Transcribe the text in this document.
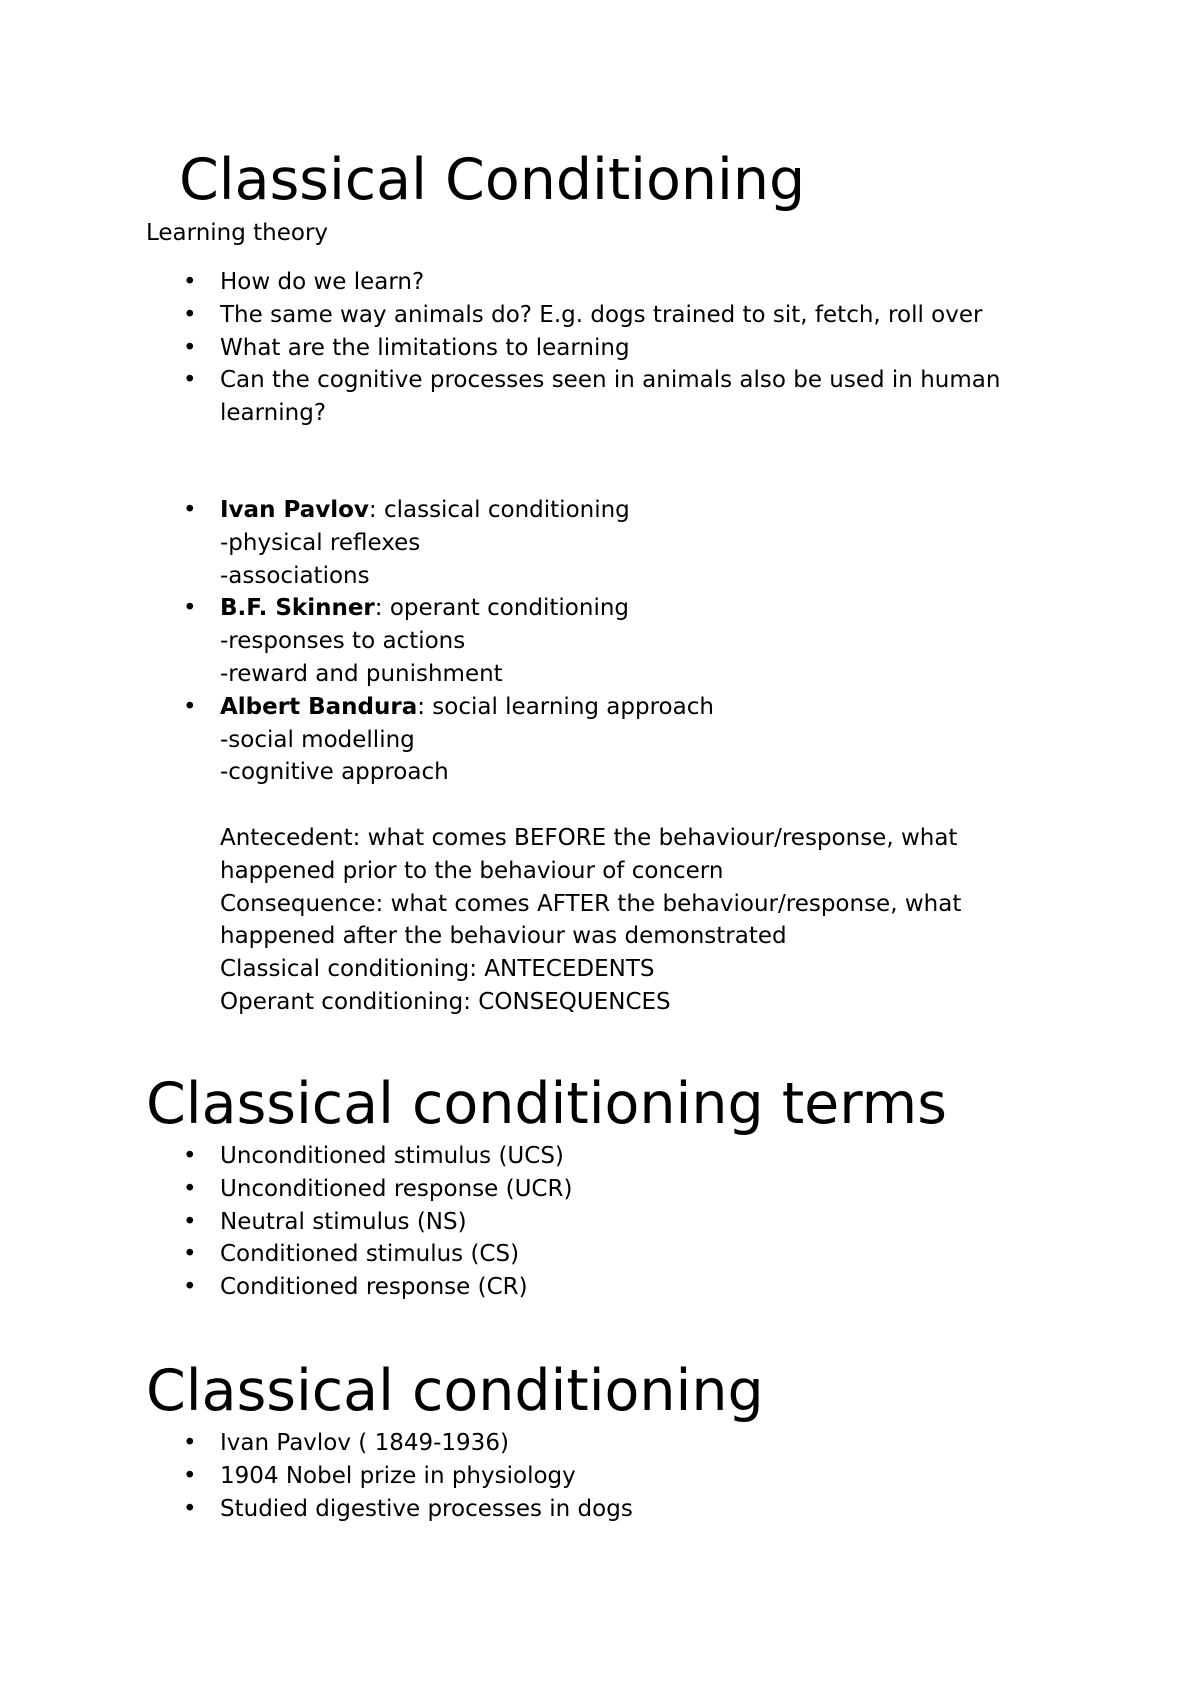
Classical Conditioning
Learning theory
• How do we learn?
• The same way animals do? E.g. dogs trained to sit, fetch, roll over
• What are the limitations to learning
• Can the cognitive processes seen in animals also be used in human learning?
• Ivan Pavlov: classical conditioning
-physical reflexes
-associations
• B.F. Skinner: operant conditioning
-responses to actions
-reward and punishment
• Albert Bandura: social learning approach
-social modelling
-cognitive approach
Antecedent: what comes BEFORE the behaviour/response, what
happened prior to the behaviour of concern
Consequence: what comes AFTER the behaviour/response, what
happened after the behaviour was demonstrated
Classical conditioning: ANTECEDENTS
Operant conditioning: CONSEQUENCES
Classical conditioning terms
• Unconditioned stimulus (UCS)
• Unconditioned response (UCR)
• Neutral stimulus (NS)
• Conditioned stimulus (CS)
• Conditioned response (CR)
Classical conditioning
• Ivan Pavlov ( 1849-1936)
• 1904 Nobel prize in physiology
• Studied digestive processes in dogs
